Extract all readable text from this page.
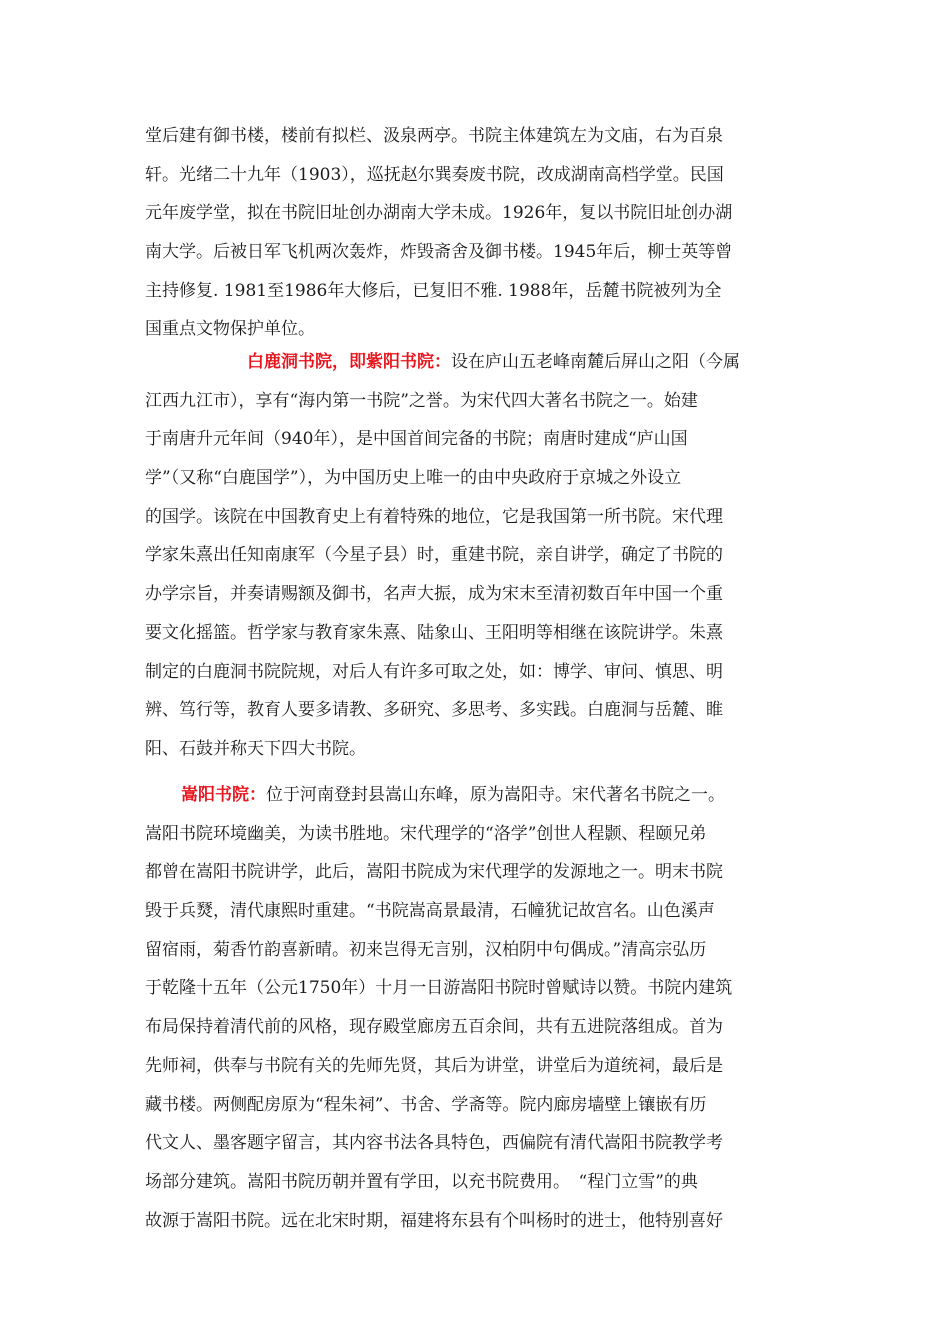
堂后建有御书楼，楼前有拟栏、汲泉两亭。书院主体建筑左为文庙，右为百泉
轩。光绪二十九年（1903），巡抚赵尔巽奏废书院，改成湖南高档学堂。民国
元年废学堂，拟在书院旧址创办湖南大学未成。1926年，复以书院旧址创办湖
南大学。后被日军飞机两次轰炸，炸毁斋舍及御书楼。1945年后，柳士英等曾
主持修复. 1981至1986年大修后，已复旧不雅. 1988年，岳麓书院被列为全
国重点文物保护单位。
白鹿洞书院，即紫阳书院：设在庐山五老峰南麓后屏山之阳（今属
江西九江市），享有“海内第一书院”之誉。为宋代四大著名书院之一。始建
于南唐升元年间（940年），是中国首间完备的书院；南唐时建成“庐山国
学”（又称“白鹿国学”），为中国历史上唯一的由中央政府于京城之外设立
的国学。该院在中国教育史上有着特殊的地位，它是我国第一所书院。宋代理
学家朱熹出任知南康军（今星子县）时，重建书院，亲自讲学，确定了书院的
办学宗旨，并奏请赐额及御书，名声大振，成为宋末至清初数百年中国一个重
要文化摇篮。哲学家与教育家朱熹、陆象山、王阳明等相继在该院讲学。朱熹
制定的白鹿洞书院院规，对后人有许多可取之处，如：博学、审问、慎思、明
辨、笃行等，教育人要多请教、多研究、多思考、多实践。白鹿洞与岳麓、睢
阳、石鼓并称天下四大书院。
嵩阳书院：位于河南登封县嵩山东峰，原为嵩阳寺。宋代著名书院之一。
嵩阳书院环境幽美，为读书胜地。宋代理学的“洛学”创世人程颢、程颐兄弟
都曾在嵩阳书院讲学，此后，嵩阳书院成为宋代理学的发源地之一。明末书院
毁于兵燹，清代康熙时重建。“书院嵩高景最清，石幢犹记故宫名。山色溪声
留宿雨，菊香竹韵喜新晴。初来岂得无言别，汉柏阴中句偶成。”清高宗弘历
于乾隆十五年（公元1750年）十月一日游嵩阳书院时曾赋诗以赞。书院内建筑
布局保持着清代前的风格，现存殿堂廊房五百余间，共有五进院落组成。首为
先师祠，供奉与书院有关的先师先贤，其后为讲堂，讲堂后为道统祠，最后是
藏书楼。两侧配房原为“程朱祠”、书舍、学斋等。院内廊房墙壁上镶嵌有历
代文人、墨客题字留言，其内容书法各具特色，西偏院有清代嵩阳书院教学考
场部分建筑。嵩阳书院历朝并置有学田，以充书院费用。　“程门立雪”的典
故源于嵩阳书院。远在北宋时期，福建将东县有个叫杨时的进士，他特别喜好
